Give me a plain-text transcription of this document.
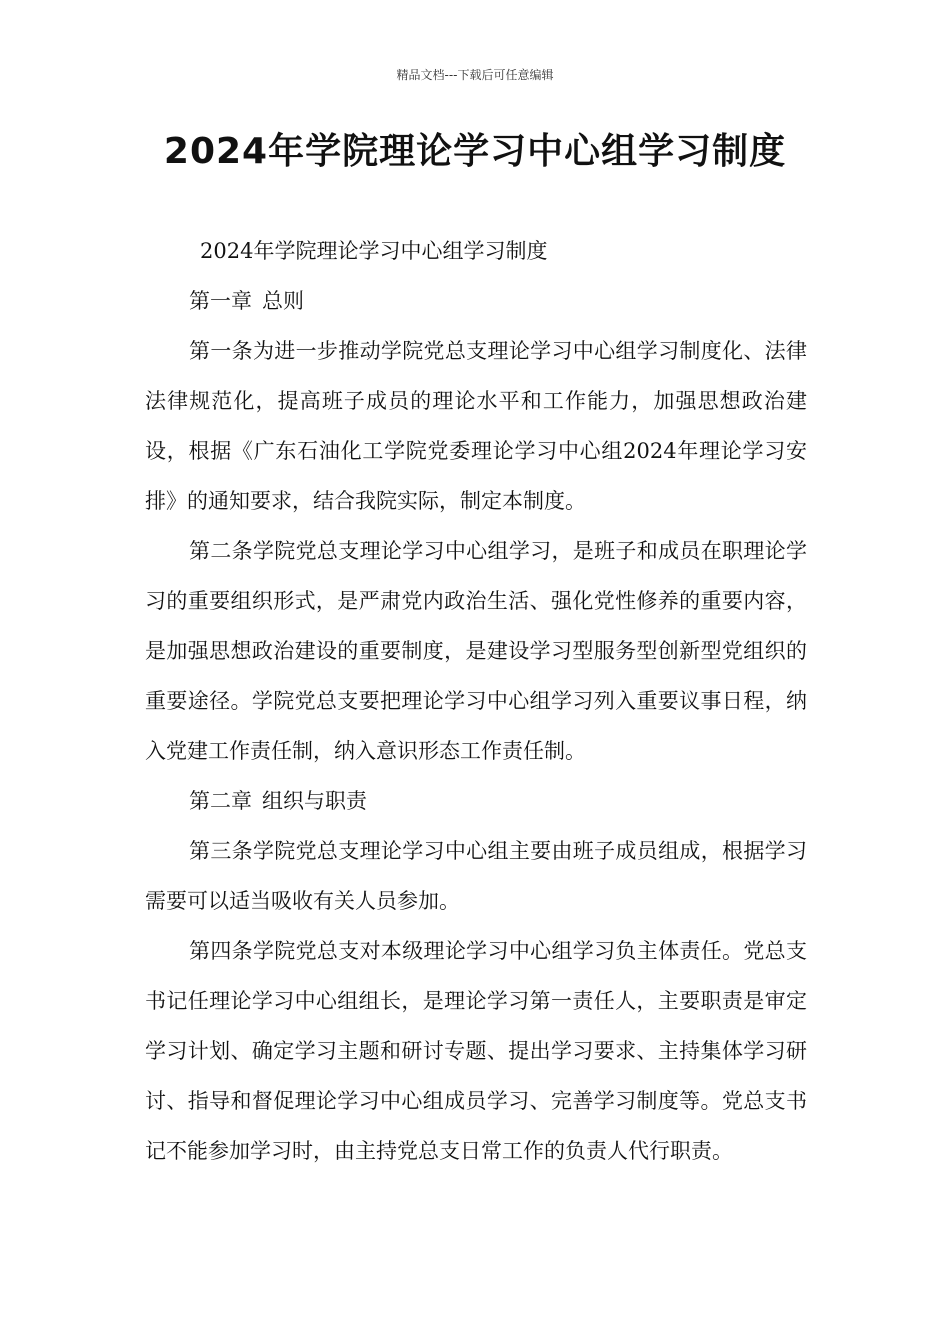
精品文档---下载后可任意编辑
2024年学院理论学习中心组学习制度

2024年学院理论学习中心组学习制度

第一章 总则

第一条为进一步推动学院党总支理论学习中心组学习制度化、法律法律规范化，提高班子成员的理论水平和工作能力，加强思想政治建设，根据《广东石油化工学院党委理论学习中心组2024年理论学习安排》的通知要求，结合我院实际，制定本制度。

第二条学院党总支理论学习中心组学习，是班子和成员在职理论学习的重要组织形式，是严肃党内政治生活、强化党性修养的重要内容，是加强思想政治建设的重要制度，是建设学习型服务型创新型党组织的重要途径。学院党总支要把理论学习中心组学习列入重要议事日程，纳入党建工作责任制，纳入意识形态工作责任制。

第二章 组织与职责

第三条学院党总支理论学习中心组主要由班子成员组成，根据学习需要可以适当吸收有关人员参加。

第四条学院党总支对本级理论学习中心组学习负主体责任。党总支书记任理论学习中心组组长，是理论学习第一责任人，主要职责是审定学习计划、确定学习主题和研讨专题、提出学习要求、主持集体学习研讨、指导和督促理论学习中心组成员学习、完善学习制度等。党总支书记不能参加学习时，由主持党总支日常工作的负责人代行职责。
